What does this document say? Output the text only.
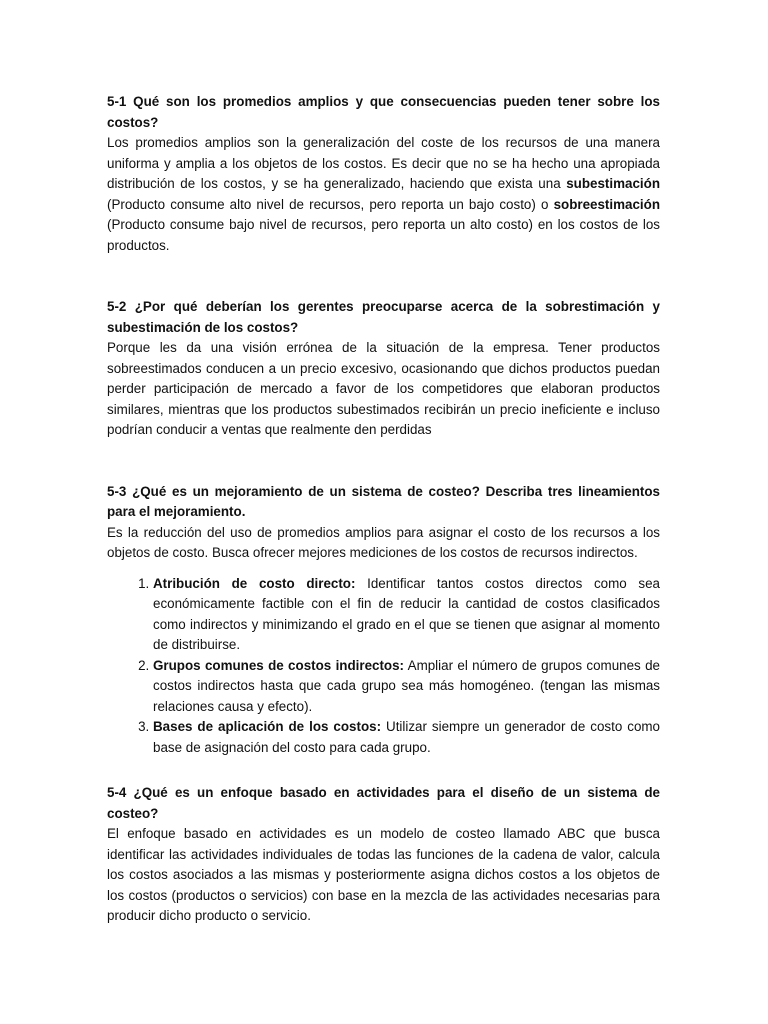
5-1 Qué son los promedios amplios y que consecuencias pueden tener sobre los costos?

Los promedios amplios son la generalización del coste de los recursos de una manera uniforma y amplia a los objetos de los costos. Es decir que no se ha hecho una apropiada distribución de los costos, y se ha generalizado, haciendo que exista una subestimación (Producto consume alto nivel de recursos, pero reporta un bajo costo) o sobreestimación (Producto consume bajo nivel de recursos, pero reporta un alto costo) en los costos de los productos.

5-2 ¿Por qué deberían los gerentes preocuparse acerca de la sobrestimación y subestimación de los costos?

Porque les da una visión errónea de la situación de la empresa. Tener productos sobreestimados conducen a un precio excesivo, ocasionando que dichos productos puedan perder participación de mercado a favor de los competidores que elaboran productos similares, mientras que los productos subestimados recibirán un precio ineficiente e incluso podrían conducir a ventas que realmente den perdidas

5-3 ¿Qué es un mejoramiento de un sistema de costeo? Describa tres lineamientos para el mejoramiento.

Es la reducción del uso de promedios amplios para asignar el costo de los recursos a los objetos de costo. Busca ofrecer mejores mediciones de los costos de recursos indirectos.

1. Atribución de costo directo: Identificar tantos costos directos como sea económicamente factible con el fin de reducir la cantidad de costos clasificados como indirectos y minimizando el grado en el que se tienen que asignar al momento de distribuirse.
2. Grupos comunes de costos indirectos: Ampliar el número de grupos comunes de costos indirectos hasta que cada grupo sea más homogéneo. (tengan las mismas relaciones causa y efecto).
3. Bases de aplicación de los costos: Utilizar siempre un generador de costo como base de asignación del costo para cada grupo.

5-4 ¿Qué es un enfoque basado en actividades para el diseño de un sistema de costeo?

El enfoque basado en actividades es un modelo de costeo llamado ABC que busca identificar las actividades individuales de todas las funciones de la cadena de valor, calcula los costos asociados a las mismas y posteriormente asigna dichos costos a los objetos de los costos (productos o servicios) con base en la mezcla de las actividades necesarias para producir dicho producto o servicio.
